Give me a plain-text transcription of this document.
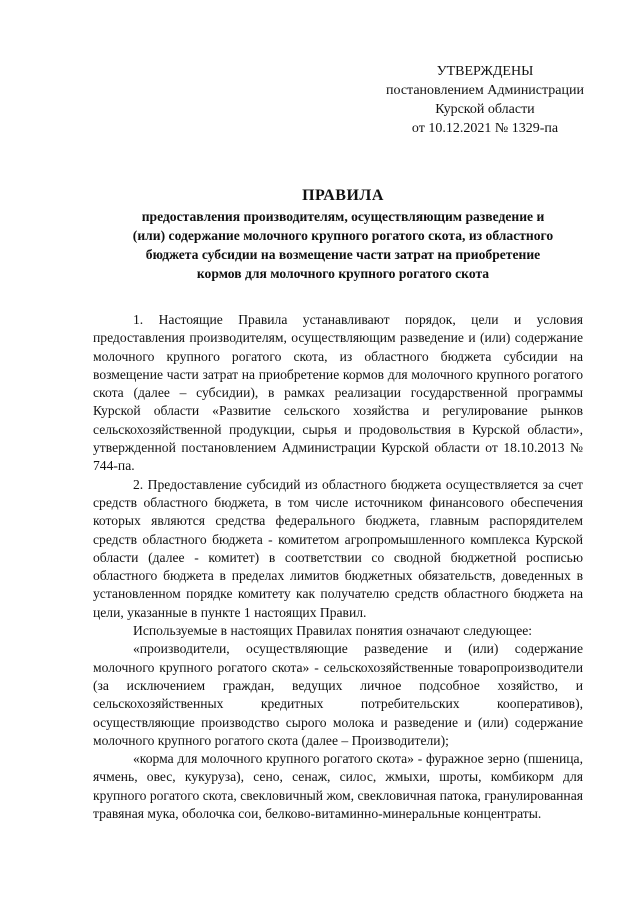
УТВЕРЖДЕНЫ
постановлением Администрации
Курской области
от 10.12.2021 № 1329-па
ПРАВИЛА
предоставления производителям, осуществляющим разведение и
(или) содержание молочного крупного рогатого скота, из областного
бюджета субсидии на возмещение части затрат на приобретение
кормов для молочного крупного рогатого скота

1. Настоящие Правила устанавливают порядок, цели и условия предоставления производителям, осуществляющим разведение и (или) содержание молочного крупного рогатого скота, из областного бюджета субсидии на возмещение части затрат на приобретение кормов для молочного крупного рогатого скота (далее – субсидии), в рамках реализации государственной программы Курской области «Развитие сельского хозяйства и регулирование рынков сельскохозяйственной продукции, сырья и продовольствия в Курской области», утвержденной постановлением Администрации Курской области от 18.10.2013 № 744-па.

2. Предоставление субсидий из областного бюджета осуществляется за счет средств областного бюджета, в том числе источником финансового обеспечения которых являются средства федерального бюджета, главным распорядителем средств областного бюджета - комитетом агропромышленного комплекса Курской области (далее - комитет) в соответствии со сводной бюджетной росписью областного бюджета в пределах лимитов бюджетных обязательств, доведенных в установленном порядке комитету как получателю средств областного бюджета на цели, указанные в пункте 1 настоящих Правил.

Используемые в настоящих Правилах понятия означают следующее:

«производители, осуществляющие разведение и (или) содержание молочного крупного рогатого скота» - сельскохозяйственные товаропроизводители (за исключением граждан, ведущих личное подсобное хозяйство, и сельскохозяйственных кредитных потребительских кооперативов), осуществляющие производство сырого молока и разведение и (или) содержание молочного крупного рогатого скота (далее – Производители);

«корма для молочного крупного рогатого скота» - фуражное зерно (пшеница, ячмень, овес, кукуруза), сено, сенаж, силос, жмыхи, шроты, комбикорм для крупного рогатого скота, свекловичный жом, свекловичная патока, гранулированная травяная мука, оболочка сои, белково-витаминно-минеральные концентраты.
